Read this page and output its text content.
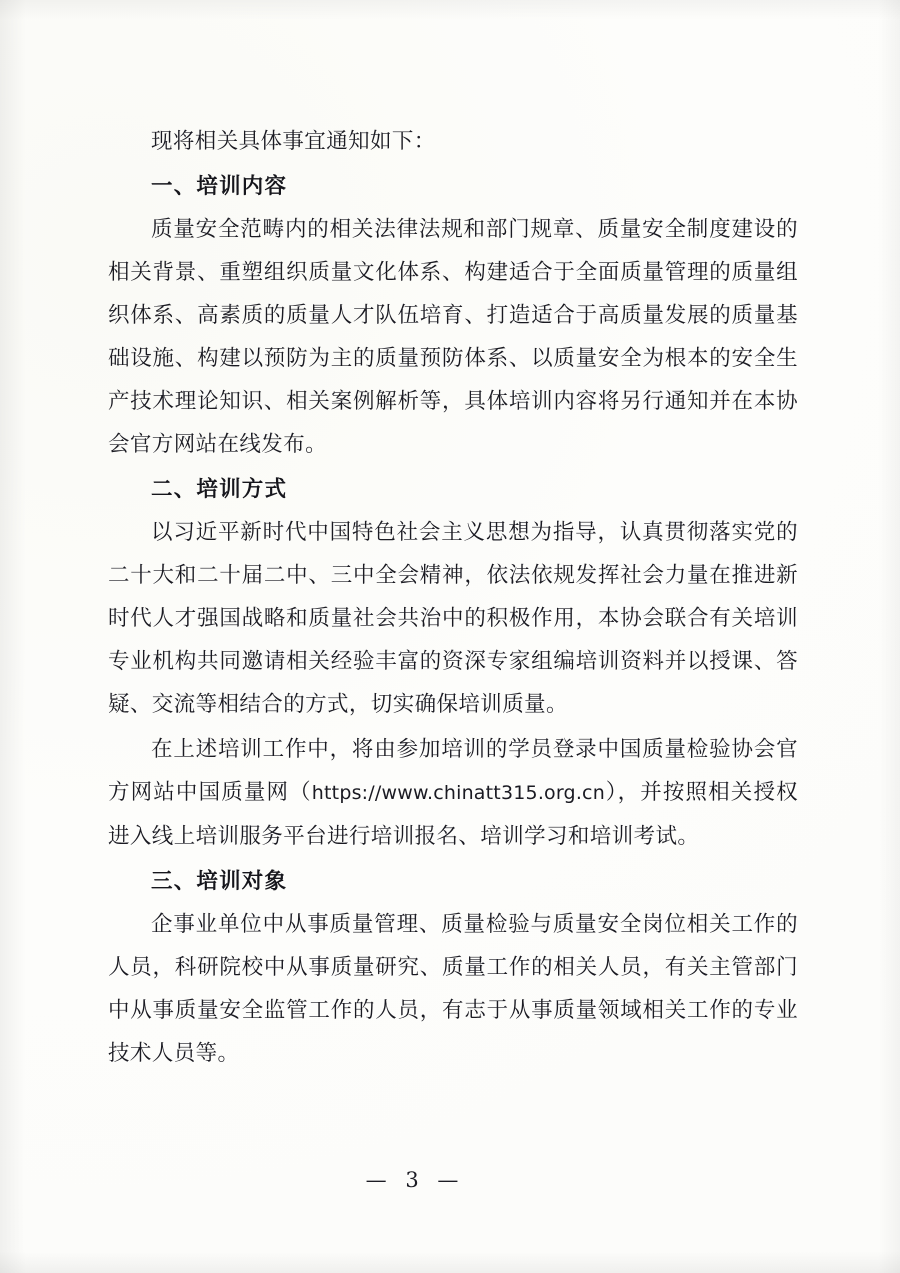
现将相关具体事宜通知如下：

一、培训内容

质量安全范畴内的相关法律法规和部门规章、质量安全制度建设的相关背景、重塑组织质量文化体系、构建适合于全面质量管理的质量组织体系、高素质的质量人才队伍培育、打造适合于高质量发展的质量基础设施、构建以预防为主的质量预防体系、以质量安全为根本的安全生产技术理论知识、相关案例解析等，具体培训内容将另行通知并在本协会官方网站在线发布。

二、培训方式

以习近平新时代中国特色社会主义思想为指导，认真贯彻落实党的二十大和二十届二中、三中全会精神，依法依规发挥社会力量在推进新时代人才强国战略和质量社会共治中的积极作用，本协会联合有关培训专业机构共同邀请相关经验丰富的资深专家组编培训资料并以授课、答疑、交流等相结合的方式，切实确保培训质量。

在上述培训工作中，将由参加培训的学员登录中国质量检验协会官方网站中国质量网（https://www.chinatt315.org.cn），并按照相关授权进入线上培训服务平台进行培训报名、培训学习和培训考试。

三、培训对象

企事业单位中从事质量管理、质量检验与质量安全岗位相关工作的人员，科研院校中从事质量研究、质量工作的相关人员，有关主管部门中从事质量安全监管工作的人员，有志于从事质量领域相关工作的专业技术人员等。

— 3 —
